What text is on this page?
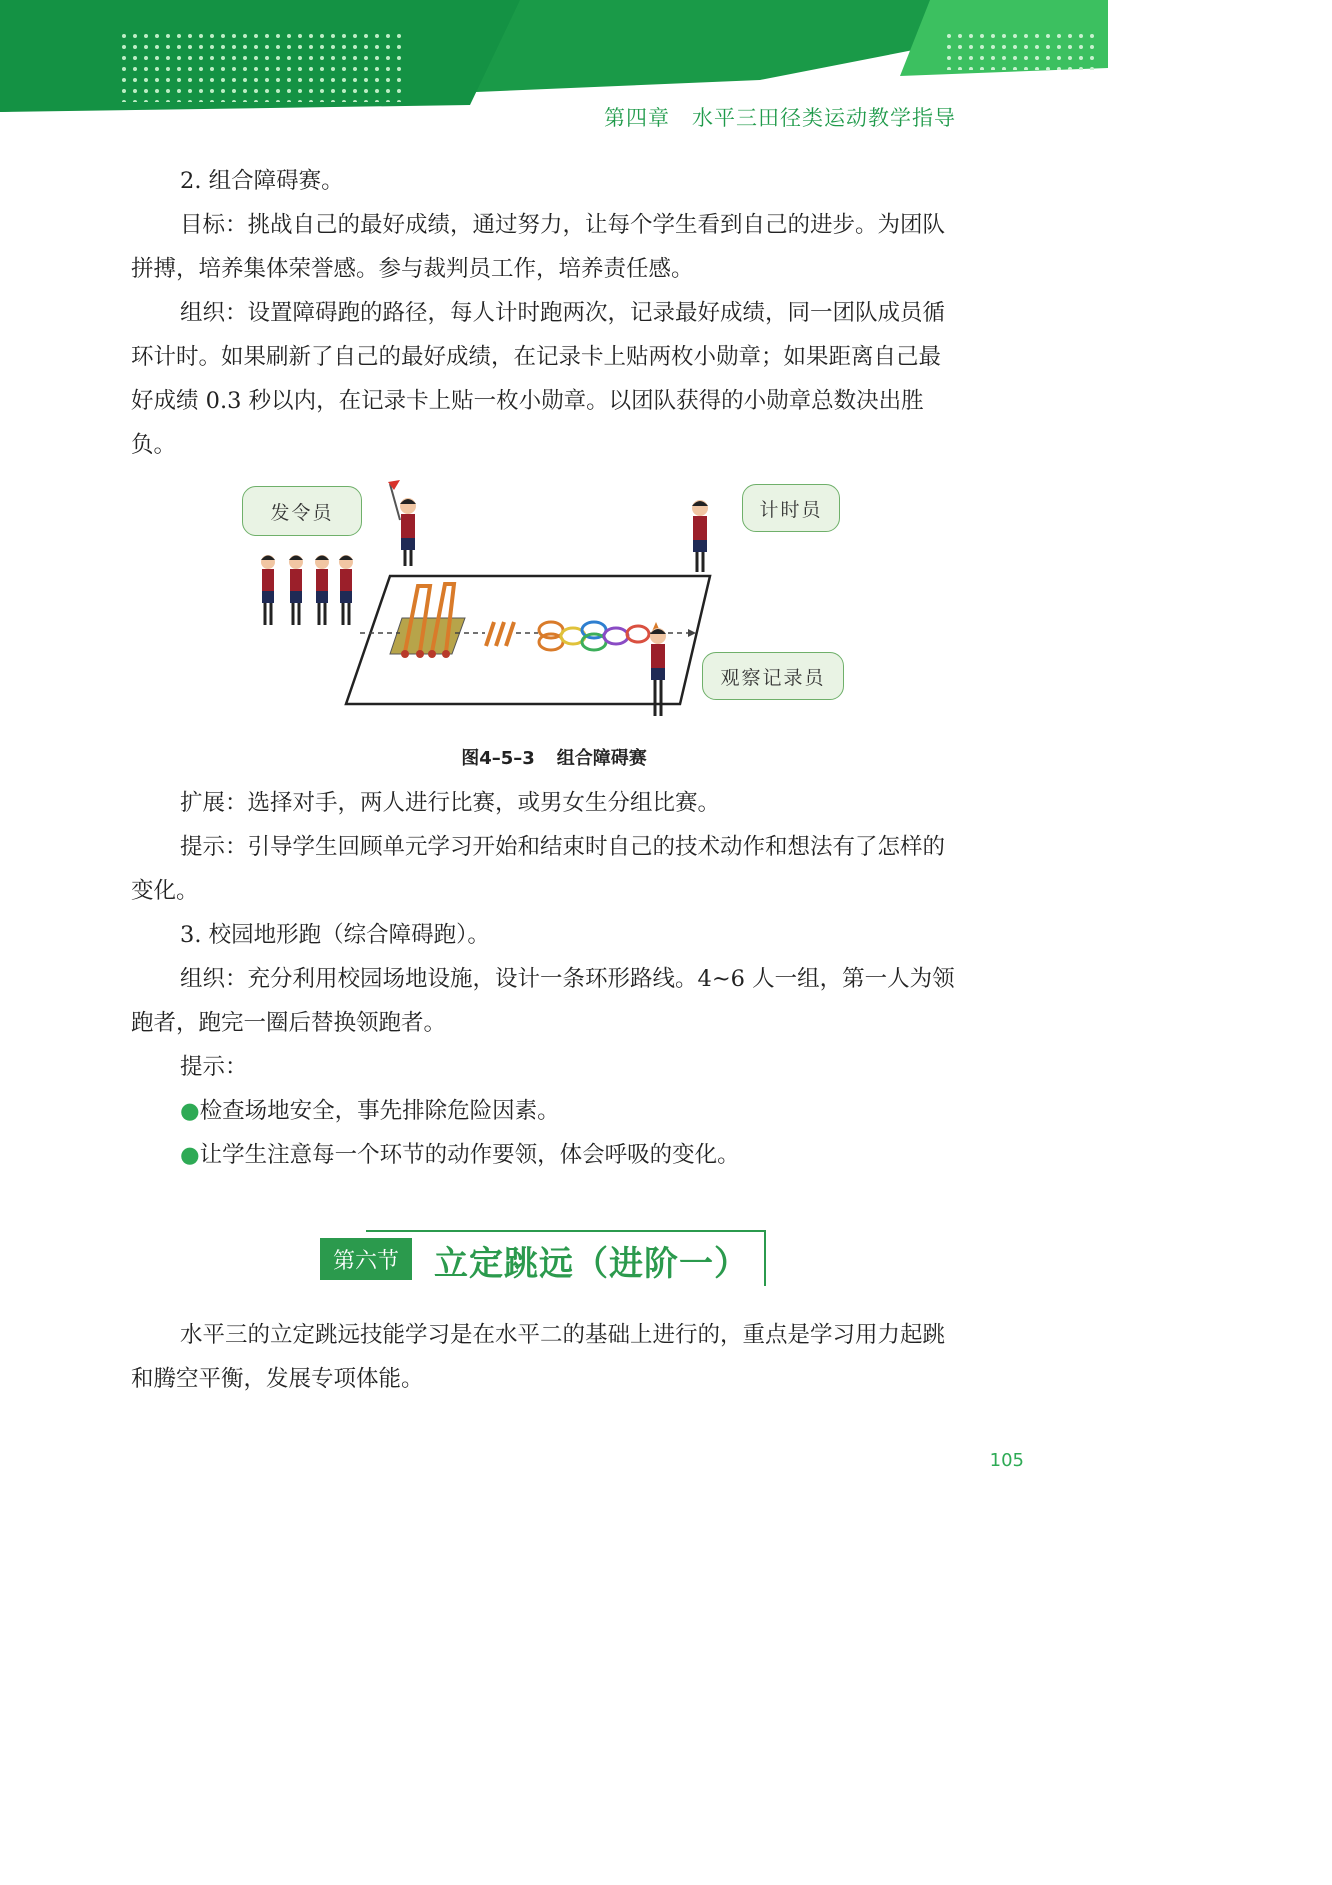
第四章 水平三田径类运动教学指导

2. 组合障碍赛。

目标：挑战自己的最好成绩，通过努力，让每个学生看到自己的进步。为团队拼搏，培养集体荣誉感。参与裁判员工作，培养责任感。

组织：设置障碍跑的路径，每人计时跑两次，记录最好成绩，同一团队成员循环计时。如果刷新了自己的最好成绩，在记录卡上贴两枚小勋章；如果距离自己最好成绩 0.3 秒以内，在记录卡上贴一枚小勋章。以团队获得的小勋章总数决出胜负。

发令员	计时员
观察记录员
图4–5–3 组合障碍赛

扩展：选择对手，两人进行比赛，或男女生分组比赛。

提示：引导学生回顾单元学习开始和结束时自己的技术动作和想法有了怎样的变化。

3. 校园地形跑（综合障碍跑）。

组织：充分利用校园场地设施，设计一条环形路线。4~6 人一组，第一人为领跑者，跑完一圈后替换领跑者。

提示：

● 检查场地安全，事先排除危险因素。

● 让学生注意每一个环节的动作要领，体会呼吸的变化。

第六节	立定跳远（进阶一）

水平三的立定跳远技能学习是在水平二的基础上进行的，重点是学习用力起跳和腾空平衡，发展专项体能。

105
